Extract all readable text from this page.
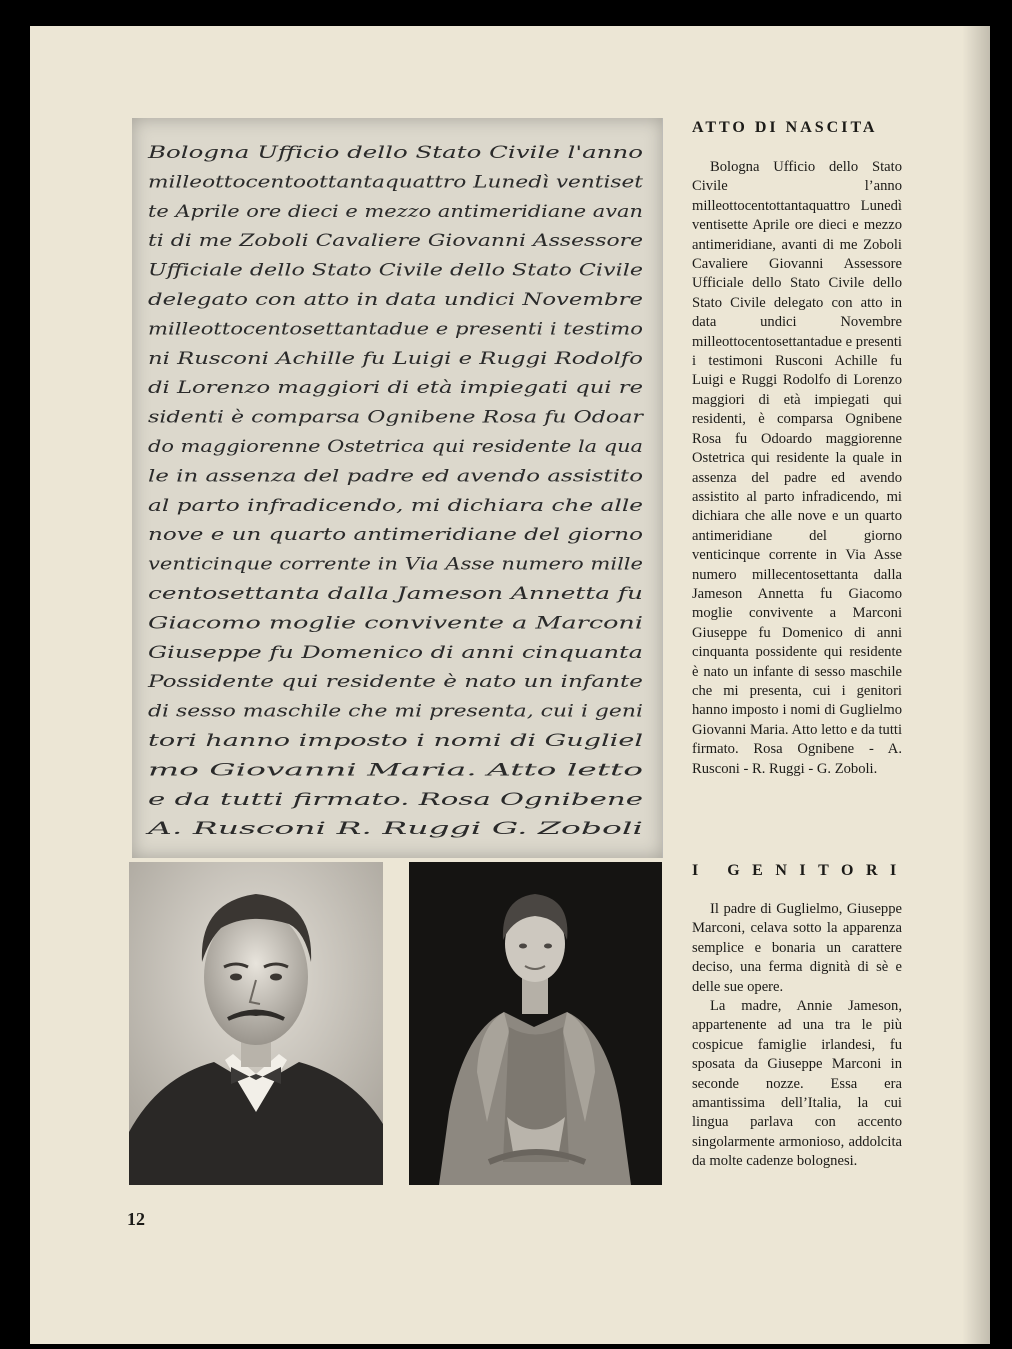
Bologna Ufficio dello Stato Civile l'anno
milleottocentoottantaquattro Lunedì ventiset
te Aprile ore dieci e mezzo antimeridiane avan
ti di me Zoboli Cavaliere Giovanni Assessore
Ufficiale dello Stato Civile dello Stato Civile
delegato con atto in data undici Novembre
milleottocentosettantadue e presenti i testimo
ni Rusconi Achille fu Luigi e Ruggi Rodolfo
di Lorenzo maggiori di età impiegati qui re
sidenti è comparsa Ognibene Rosa fu Odoar
do maggiorenne Ostetrica qui residente la qua
le in assenza del padre ed avendo assistito
al parto infradicendo, mi dichiara che alle
nove e un quarto antimeridiane del giorno
venticinque corrente in Via Asse numero mille
centosettanta dalla Jameson Annetta fu
Giacomo moglie convivente a Marconi
Giuseppe fu Domenico di anni cinquanta
Possidente qui residente è nato un infante
di sesso maschile che mi presenta, cui i geni
tori hanno imposto i nomi di Gugliel
mo Giovanni Maria. Atto letto
e da tutti firmato. Rosa Ognibene
A. Rusconi R. Ruggi G. Zoboli
ATTO DI NASCITA

Bologna Ufficio dello Stato Civile l’anno milleottocentottantaquattro Lunedì ventisette Aprile ore dieci e mezzo antimeridiane, avanti di me Zoboli Cavaliere Giovanni Assessore Ufficiale dello Stato Civile dello Stato Civile delegato con atto in data undici Novembre milleottocentosettantadue e presenti i testimoni Rusconi Achille fu Luigi e Ruggi Rodolfo di Lorenzo maggiori di età impiegati qui residenti, è comparsa Ognibene Rosa fu Odoardo maggiorenne Ostetrica qui residente la quale in assenza del padre ed avendo assistito al parto infradicendo, mi dichiara che alle nove e un quarto antimeridiane del giorno venticinque corrente in Via Asse numero millecentosettanta dalla Jameson Annetta fu Giacomo moglie convivente a Marconi Giuseppe fu Domenico di anni cinquanta possidente qui residente è nato un infante di sesso maschile che mi presenta, cui i genitori hanno imposto i nomi di Guglielmo Giovanni Maria. Atto letto e da tutti firmato. Rosa Ognibene - A. Rusconi - R. Ruggi - G. Zoboli.

I GENITORI

Il padre di Guglielmo, Giuseppe Marconi, celava sotto la apparenza semplice e bonaria un carattere deciso, una ferma dignità di sè e delle sue opere.

La madre, Annie Jameson, appartenente ad una tra le più cospicue famiglie irlandesi, fu sposata da Giuseppe Marconi in seconde nozze. Essa era amantissima dell’Italia, la cui lingua parlava con accento singolarmente armonioso, addolcita da molte cadenze bolognesi.

12
